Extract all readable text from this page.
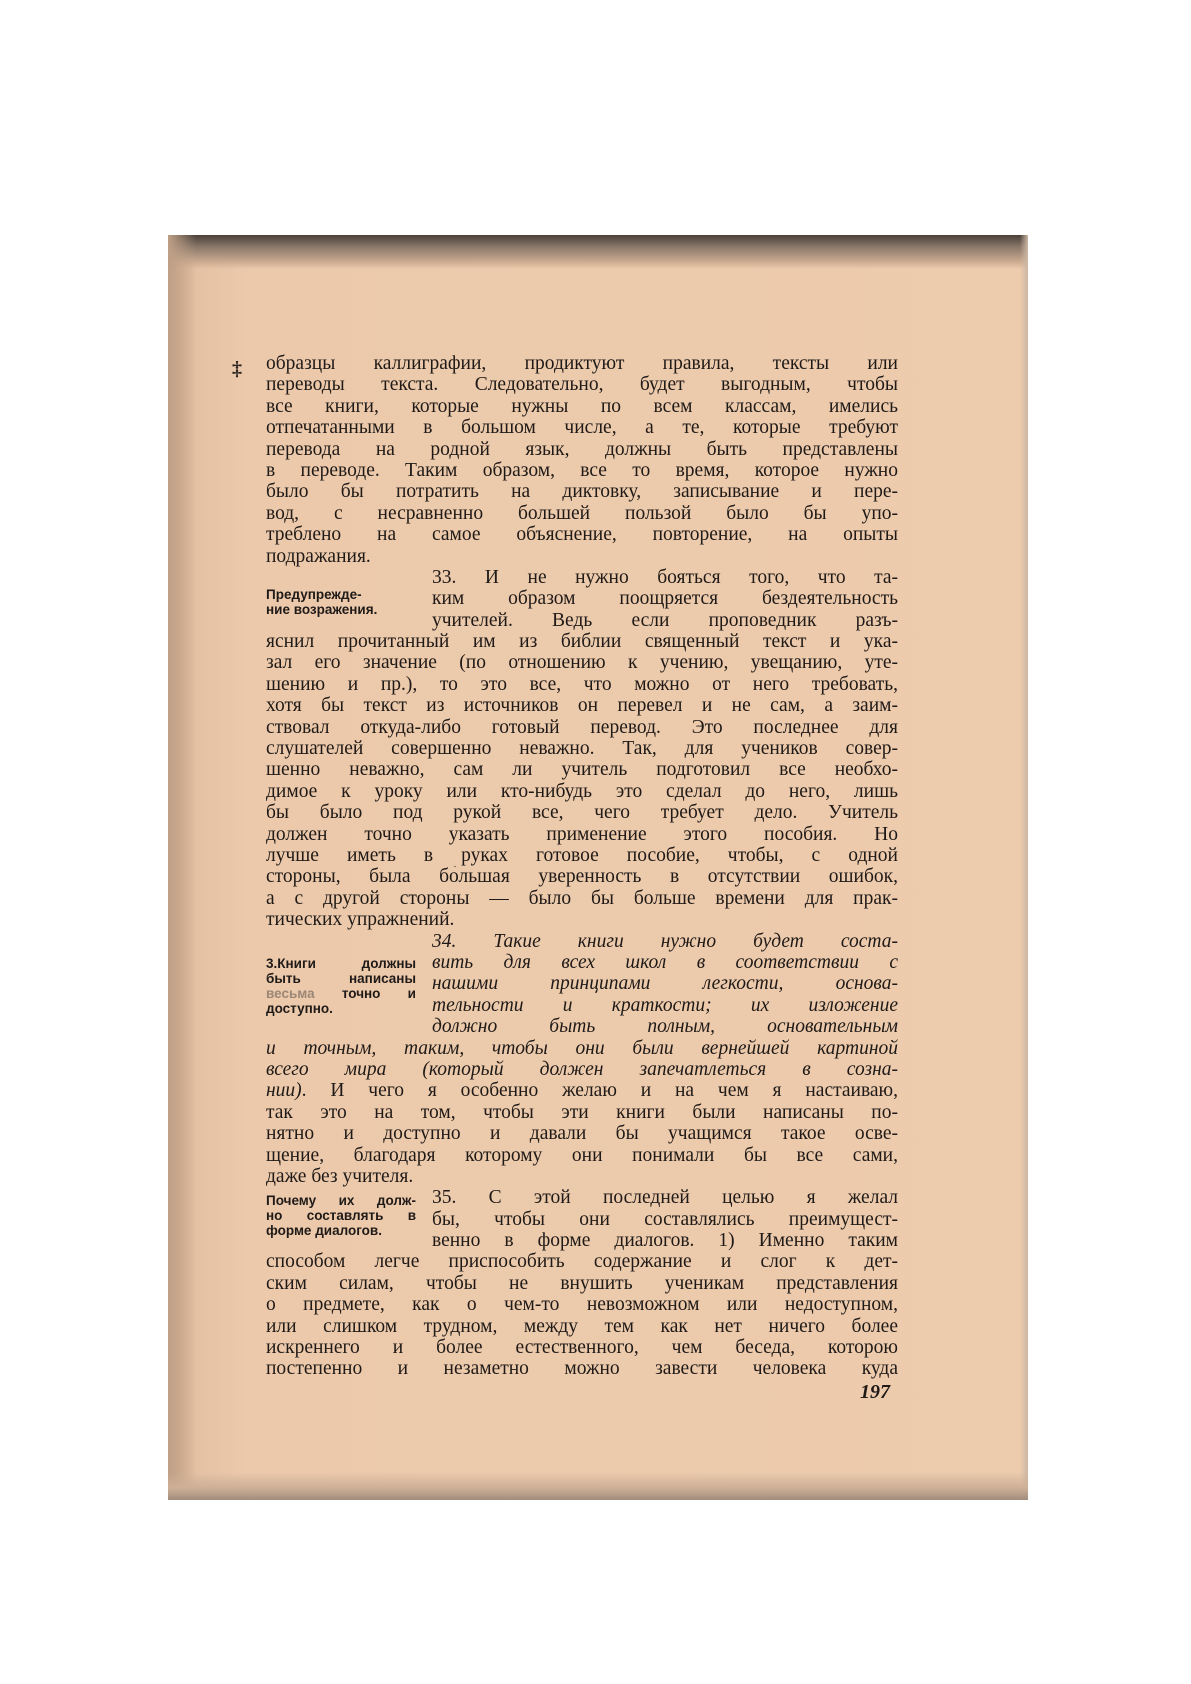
‡ образцы каллиграфии, продиктуют правила, тексты или
переводы текста. Следовательно, будет выгодным, чтобы
все книги, которые нужны по всем классам, имелись
отпечатанными в большом числе, а те, которые требуют
перевода на родной язык, должны быть представлены
в переводе. Таким образом, все то время, которое нужно
было бы потратить на диктовку, записывание и пере-
вод, с несравненно большей пользой было бы упо-
треблено на самое объяснение, повторение, на опыты
подражания.
Предупрежде-
ние возражения.
33. И не нужно бояться того, что та-
ким образом поощряется бездеятельность
учителей. Ведь если проповедник разъ-
яснил прочитанный им из библии священный текст и ука-
зал его значение (по отношению к учению, увещанию, уте-
шению и пр.), то это все, что можно от него требовать,
хотя бы текст из источников он перевел и не сам, а заим-
ствовал откуда-либо готовый перевод. Это последнее для
слушателей совершенно неважно. Так, для учеников совер-
шенно неважно, сам ли учитель подготовил все необхо-
димое к уроку или кто-нибудь это сделал до него, лишь
бы было под рукой все, чего требует дело. Учитель
должен точно указать применение этого пособия. Но
лучше иметь в руках готовое пособие, чтобы, с одной
стороны, была бо́льшая уверенность в отсутствии ошибок,
а с другой стороны — было бы больше времени для прак-
тических упражнений.
3.Книги должны
быть написаны
весьма точно и
доступно.
34. Такие книги нужно будет соста-
вить для всех школ в соответствии с
нашими принципами легкости, основа-
тельности и краткости; их изложение
должно быть полным, основательным
и точным, таким, чтобы они были вернейшей картиной
всего мира (который должен запечатлеться в созна-
нии). И чего я особенно желаю и на чем я настаиваю,
так это на том, чтобы эти книги были написаны по-
нятно и доступно и давали бы учащимся такое осве-
щение, благодаря которому они понимали бы все сами,
даже без учителя.
Почему их долж-
но составлять в
форме диалогов.
35. С этой последней целью я желал
бы, чтобы они составлялись преимущест-
венно в форме диалогов. 1) Именно таким
способом легче приспособить содержание и слог к дет-
ским силам, чтобы не внушить ученикам представления
о предмете, как о чем-то невозможном или недоступном,
или слишком трудном, между тем как нет ничего более
искреннего и более естественного, чем беседа, которою
постепенно и незаметно можно завести человека куда
197
